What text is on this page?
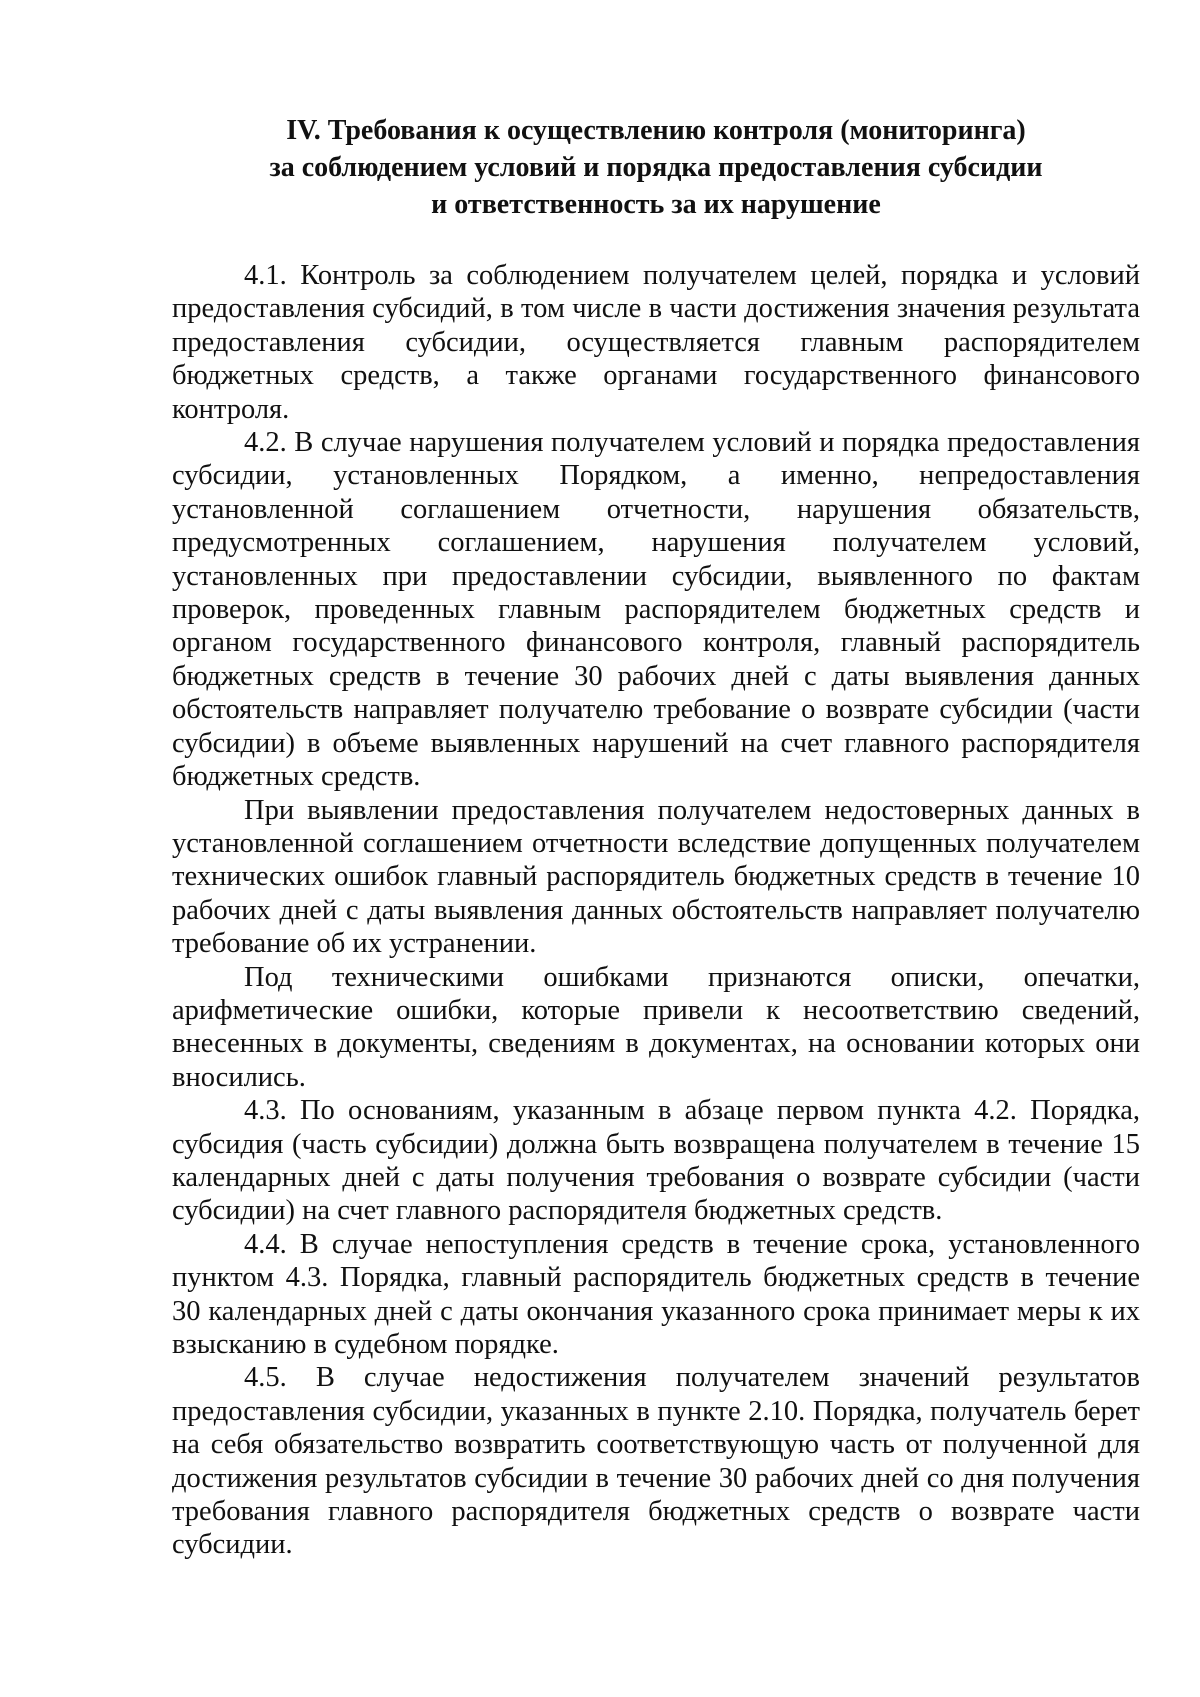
IV. Требования к осуществлению контроля (мониторинга)
за соблюдением условий и порядка предоставления субсидии
и ответственность за их нарушение

4.1. Контроль за соблюдением получателем целей, порядка и условий предоставления субсидий, в том числе в части достижения значения результата предоставления субсидии, осуществляется главным распорядителем бюджетных средств, а также органами государственного финансового контроля.

4.2. В случае нарушения получателем условий и порядка предоставления субсидии, установленных Порядком, а именно, непредоставления установленной соглашением отчетности, нарушения обязательств, предусмотренных соглашением, нарушения получателем условий, установленных при предоставлении субсидии, выявленного по фактам проверок, проведенных главным распорядителем бюджетных средств и органом государственного финансового контроля, главный распорядитель бюджетных средств в течение 30 рабочих дней с даты выявления данных обстоятельств направляет получателю требование о возврате субсидии (части субсидии) в объеме выявленных нарушений на счет главного распорядителя бюджетных средств.

При выявлении предоставления получателем недостоверных данных в установленной соглашением отчетности вследствие допущенных получателем технических ошибок главный распорядитель бюджетных средств в течение 10 рабочих дней с даты выявления данных обстоятельств направляет получателю требование об их устранении.

Под техническими ошибками признаются описки, опечатки, арифметические ошибки, которые привели к несоответствию сведений, внесенных в документы, сведениям в документах, на основании которых они вносились.

4.3. По основаниям, указанным в абзаце первом пункта 4.2. Порядка, субсидия (часть субсидии) должна быть возвращена получателем в течение 15 календарных дней с даты получения требования о возврате субсидии (части субсидии) на счет главного распорядителя бюджетных средств.

4.4. В случае непоступления средств в течение срока, установленного пунктом 4.3. Порядка, главный распорядитель бюджетных средств в течение 30 календарных дней с даты окончания указанного срока принимает меры к их взысканию в судебном порядке.

4.5. В случае недостижения получателем значений результатов предоставления субсидии, указанных в пункте 2.10. Порядка, получатель берет на себя обязательство возвратить соответствующую часть от полученной для достижения результатов субсидии в течение 30 рабочих дней со дня получения требования главного распорядителя бюджетных средств о возврате части субсидии.
